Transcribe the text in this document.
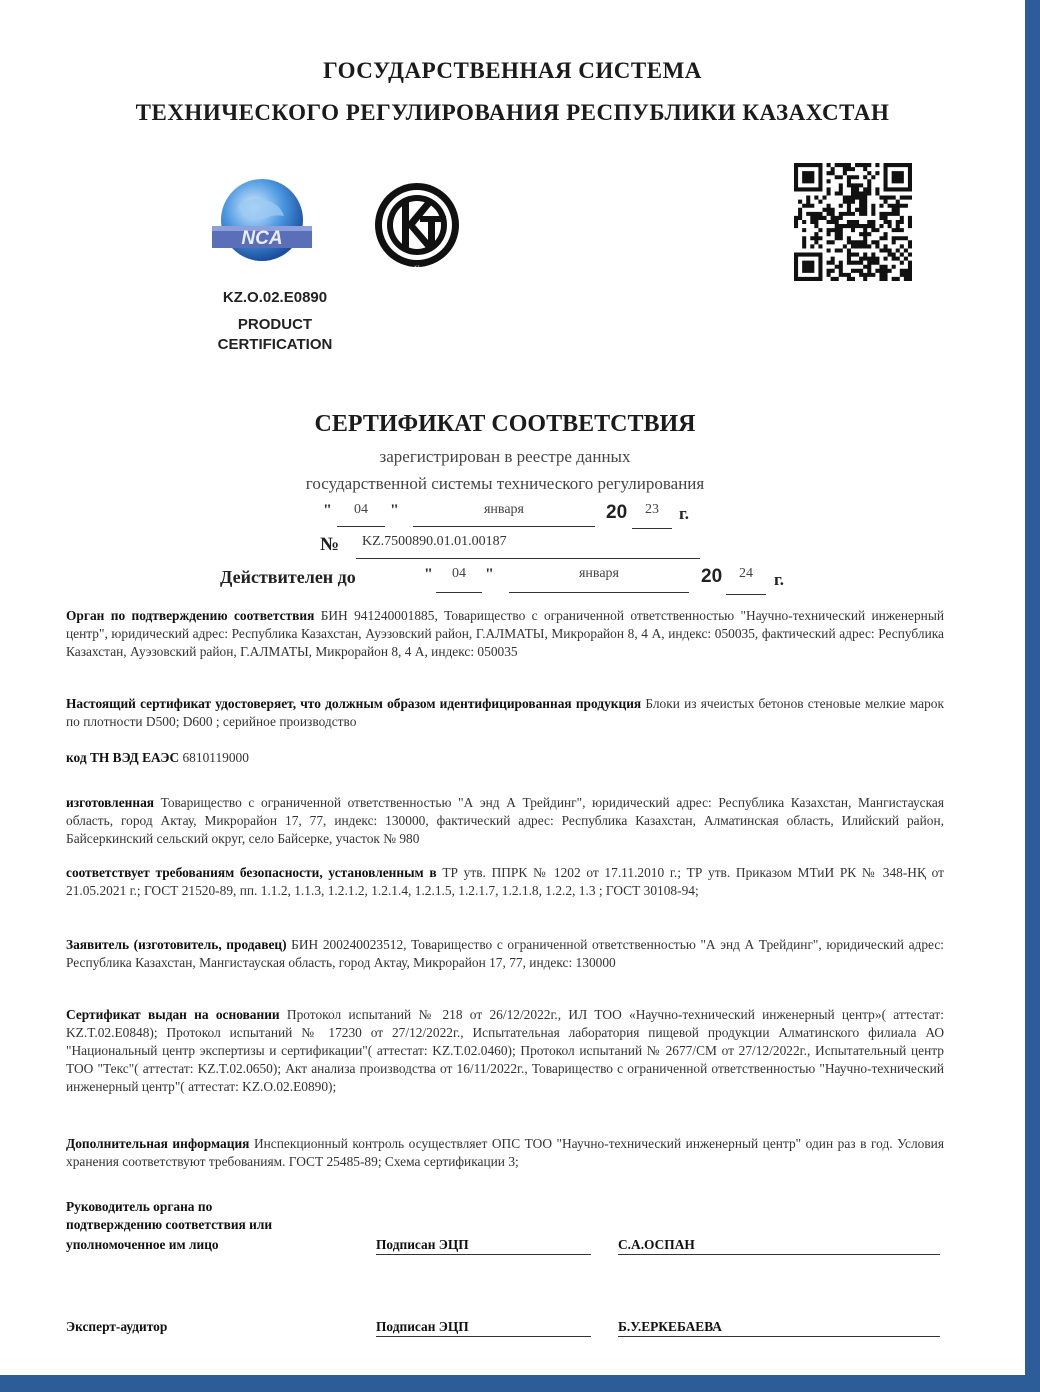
ГОСУДАРСТВЕННАЯ СИСТЕМА
ТЕХНИЧЕСКОГО РЕГУЛИРОВАНИЯ РЕСПУБЛИКИ КАЗАХСТАН
NCA
KZ
KZ.O.02.E0890
PRODUCT
CERTIFICATION
СЕРТИФИКАТ СООТВЕТСТВИЯ
зарегистрирован в реестре данных
государственной системы технического регулирования
"	04	"	января	20	23	г.
№	KZ.7500890.01.01.00187
Действителен до	"	04	"	января	20	24	г.
Орган по подтверждению соответствия БИН 941240001885, Товарищество с ограниченной ответственностью "Научно-технический инженерный центр", юридический адрес: Республика Казахстан, Ауэзовский район, Г.АЛМАТЫ, Микрорайон 8, 4 А, индекс: 050035, фактический адрес: Республика Казахстан, Ауэзовский район, Г.АЛМАТЫ, Микрорайон 8, 4 А, индекс: 050035
Настоящий сертификат удостоверяет, что должным образом идентифицированная продукция Блоки из ячеистых бетонов стеновые мелкие марок по плотности D500; D600 ; серийное производство
код ТН ВЭД ЕАЭС 6810119000
изготовленная Товарищество с ограниченной ответственностью "А энд А Трейдинг", юридический адрес: Республика Казахстан, Мангистауская область, город Актау, Микрорайон 17, 77, индекс: 130000, фактический адрес: Республика Казахстан, Алматинская область, Илийский район, Байсеркинский сельский округ, село Байсерке, участок № 980
соответствует требованиям безопасности, установленным в ТР утв. ППРК № 1202 от 17.11.2010 г.; ТР утв. Приказом МТиИ РК № 348-НҚ от 21.05.2021 г.; ГОСТ 21520-89, пп. 1.1.2, 1.1.3, 1.2.1.2, 1.2.1.4, 1.2.1.5, 1.2.1.7, 1.2.1.8, 1.2.2, 1.3 ; ГОСТ 30108-94;
Заявитель (изготовитель, продавец) БИН 200240023512, Товарищество с ограниченной ответственностью "А энд А Трейдинг", юридический адрес: Республика Казахстан, Мангистауская область, город Актау, Микрорайон 17, 77, индекс: 130000
Сертификат выдан на основании Протокол испытаний № 218 от 26/12/2022г., ИЛ ТОО «Научно-технический инженерный центр»( аттестат: KZ.T.02.E0848); Протокол испытаний № 17230 от 27/12/2022г., Испытательная лаборатория пищевой продукции Алматинского филиала АО "Национальный центр экспертизы и сертификации"( аттестат: KZ.T.02.0460); Протокол испытаний № 2677/СМ от 27/12/2022г., Испытательный центр ТОО "Текс"( аттестат: KZ.T.02.0650); Акт анализа производства от 16/11/2022г., Товарищество с ограниченной ответственностью "Научно-технический инженерный центр"( аттестат: KZ.O.02.E0890);
Дополнительная информация Инспекционный контроль осуществляет ОПС ТОО "Научно-технический инженерный центр" один раз в год. Условия хранения соответствуют требованиям. ГОСТ 25485-89; Схема сертификации 3;
Руководитель органа по
подтверждению соответствия или
уполномоченное им лицо	Подписан ЭЦП	С.А.ОСПАН
Эксперт-аудитор	Подписан ЭЦП	Б.У.ЕРКЕБАЕВА
